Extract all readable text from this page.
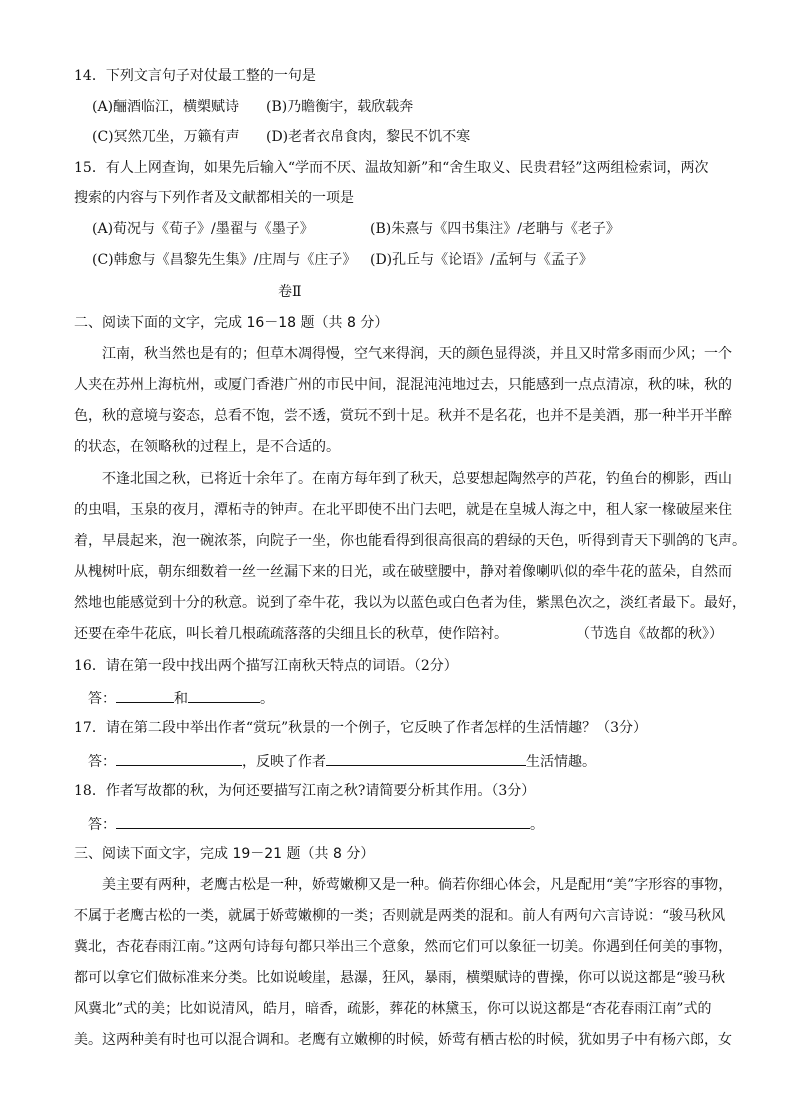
14．下列文言句子对仗最工整的一句是
(A)酾酒临江，横槊赋诗 (B)乃瞻衡宇，载欣载奔
(C)冥然兀坐，万籁有声 (D)老者衣帛食肉，黎民不饥不寒
15．有人上网查询，如果先后输入“学而不厌、温故知新”和“舍生取义、民贵君轻”这两组检索词，两次
搜索的内容与下列作者及文献都相关的一项是
(A)荀况与《荀子》/墨翟与《墨子》	(B)朱熹与《四书集注》/老聃与《老子》
(C)韩愈与《昌黎先生集》/庄周与《庄子》 (D)孔丘与《论语》/孟轲与《孟子》
卷Ⅱ
二、阅读下面的文字，完成 16－18 题（共 8 分）
江南，秋当然也是有的；但草木凋得慢，空气来得润，天的颜色显得淡，并且又时常多雨而少风；一个
人夹在苏州上海杭州，或厦门香港广州的市民中间，混混沌沌地过去，只能感到一点点清凉，秋的味，秋的
色，秋的意境与姿态，总看不饱，尝不透，赏玩不到十足。秋并不是名花，也并不是美酒，那一种半开半醉
的状态，在领略秋的过程上，是不合适的。
不逢北国之秋，已将近十余年了。在南方每年到了秋天，总要想起陶然亭的芦花，钓鱼台的柳影，西山
的虫唱，玉泉的夜月，潭柘寺的钟声。在北平即使不出门去吧，就是在皇城人海之中，租人家一椽破屋来住
着，早晨起来，泡一碗浓茶，向院子一坐，你也能看得到很高很高的碧绿的天色，听得到青天下驯鸽的飞声。
从槐树叶底，朝东细数着一丝一丝漏下来的日光，或在破壁腰中，静对着像喇叭似的牵牛花的蓝朵，自然而
然地也能感觉到十分的秋意。说到了牵牛花，我以为以蓝色或白色者为佳，紫黑色次之，淡红者最下。最好，
还要在牵牛花底，叫长着几根疏疏落落的尖细且长的秋草，使作陪衬。	（节选自《故都的秋》）
16．请在第一段中找出两个描写江南秋天特点的词语。（2分）
答：	和	。
17．请在第二段中举出作者“赏玩”秋景的一个例子，它反映了作者怎样的生活情趣？（3分）
答：	，反映了作者	生活情趣。
18．作者写故都的秋，为何还要描写江南之秋?请简要分析其作用。（3分）
答：	。
三、阅读下面文字，完成 19－21 题（共 8 分）
美主要有两种，老鹰古松是一种，娇莺嫩柳又是一种。倘若你细心体会，凡是配用“美”字形容的事物，
不属于老鹰古松的一类，就属于娇莺嫩柳的一类；否则就是两类的混和。前人有两句六言诗说：“骏马秋风
冀北，杏花春雨江南。”这两句诗每句都只举出三个意象，然而它们可以象征一切美。你遇到任何美的事物，
都可以拿它们做标准来分类。比如说峻崖，悬瀑，狂风，暴雨，横槊赋诗的曹操，你可以说这都是“骏马秋
风冀北”式的美；比如说清风，皓月，暗香，疏影，葬花的林黛玉，你可以说这都是“杏花春雨江南”式的
美。这两种美有时也可以混合调和。老鹰有立嫩柳的时候，娇莺有栖古松的时候，犹如男子中有杨六郎，女
